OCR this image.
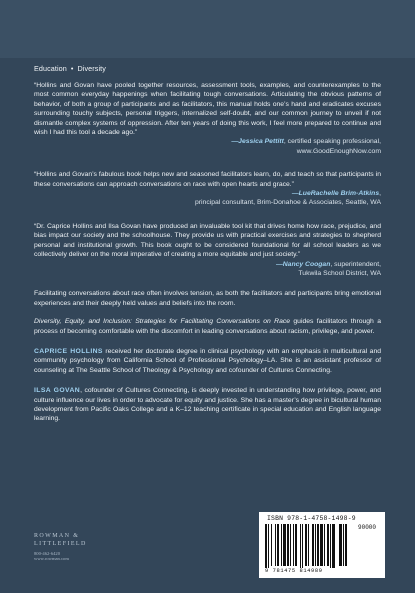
Education • Diversity
“Hollins and Govan have pooled together resources, assessment tools, examples, and counterexamples to the most common everyday happenings when facilitating tough conversations. Articulating the obvious patterns of behavior, of both a group of participants and as facilitators, this manual holds one’s hand and eradicates excuses surrounding touchy subjects, personal triggers, internalized self-doubt, and our common journey to unveil if not dismantle complex systems of oppression. After ten years of doing this work, I feel more prepared to continue and wish I had this tool a decade ago.”
—Jessica Pettitt, certified speaking professional,
www.GoodEnoughNow.com
“Hollins and Govan’s fabulous book helps new and seasoned facilitators learn, do, and teach so that participants in these conversations can approach conversations on race with open hearts and grace.”
—LueRachelle Brim-Atkins,
principal consultant, Brim-Donahoe & Associates, Seattle, WA
“Dr. Caprice Hollins and Ilsa Govan have produced an invaluable tool kit that drives home how race, prejudice, and bias impact our society and the schoolhouse. They provide us with practical exercises and strategies to shepherd personal and institutional growth. This book ought to be considered foundational for all school leaders as we collectively deliver on the moral imperative of creating a more equitable and just society.”
—Nancy Coogan, superintendent,
Tukwila School District, WA
Facilitating conversations about race often involves tension, as both the facilitators and participants bring emotional experiences and their deeply held values and beliefs into the room.
Diversity, Equity, and Inclusion: Strategies for Facilitating Conversations on Race guides facilitators through a process of becoming comfortable with the discomfort in leading conversations about racism, privilege, and power.
CAPRICE HOLLINS received her doctorate degree in clinical psychology with an emphasis in multicultural and community psychology from California School of Professional Psychology–LA. She is an assistant professor of counseling at The Seattle School of Theology & Psychology and cofounder of Cultures Connecting.
ILSA GOVAN, cofounder of Cultures Connecting, is deeply invested in understanding how privilege, power, and culture influence our lives in order to advocate for equity and justice. She has a master’s degree in bicultural human development from Pacific Oaks College and a K–12 teaching certificate in special education and English language learning.
ROWMAN &
LITTLEFIELD
800-462-6420
www.rowman.com
ISBN 978-1-4758-1498-9
90000
9 781475 814989
